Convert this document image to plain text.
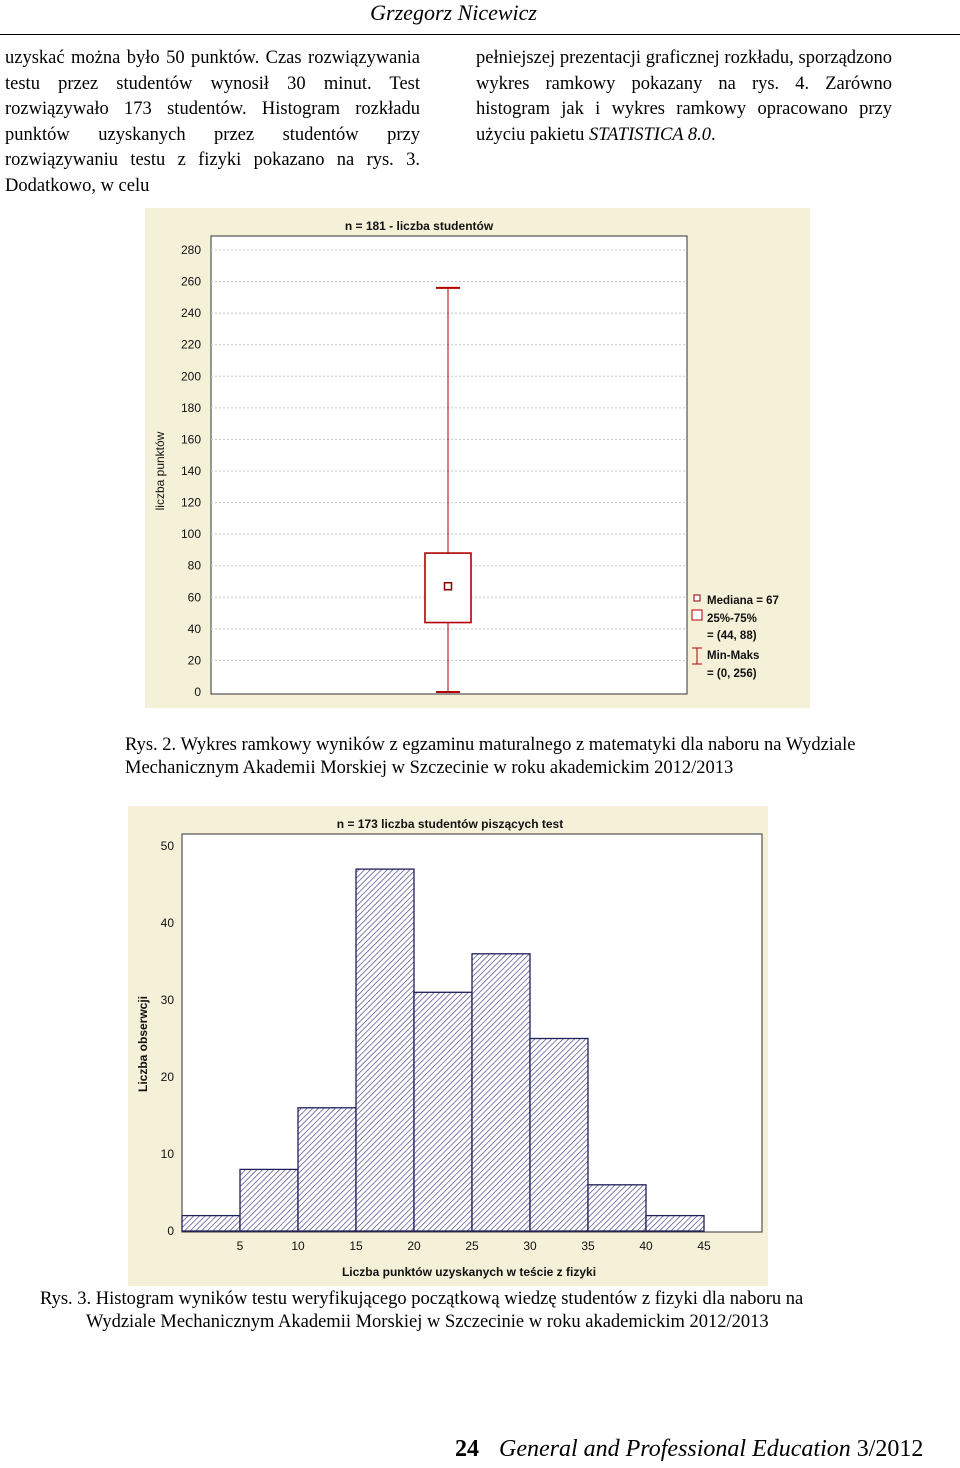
Grzegorz Nicewicz

uzyskać można było 50 punktów. Czas rozwiązywania testu przez studentów wynosił 30 minut. Test rozwiązywało 173 studentów. Histogram rozkładu punktów uzyskanych przez studentów przy rozwiązywaniu testu z fizyki pokazano na rys. 3. Dodatkowo, w celu

pełniejszej prezentacji graficznej rozkładu, sporządzono wykres ramkowy pokazany na rys. 4. Zarówno histogram jak i wykres ramkowy opracowano przy użyciu pakietu STATISTICA 8.0.

0
20
40
60
80
100
120
140
160
180
200
220
240
260
280
n = 181 - liczba studentów
liczba punktów
Mediana = 67
25%-75%
= (44, 88)
Min-Maks
= (0, 256)
Rys. 2. Wykres ramkowy wyników z egzaminu maturalnego z matematyki dla naboru na Wydziale
Mechanicznym Akademii Morskiej w Szczecinie w roku akademickim 2012/2013
0
10
20
30
40
50
5	10	15	20	25	30	35	40	45
n = 173 liczba studentów piszących test
Liczba punktów uzyskanych w teście z fizyki
Liczba obserwcji
Rys. 3. Histogram wyników testu weryfikującego początkową wiedzę studentów z fizyki dla naboru na
Wydziale Mechanicznym Akademii Morskiej w Szczecinie w roku akademickim 2012/2013
24 General and Professional Education 3/2012
